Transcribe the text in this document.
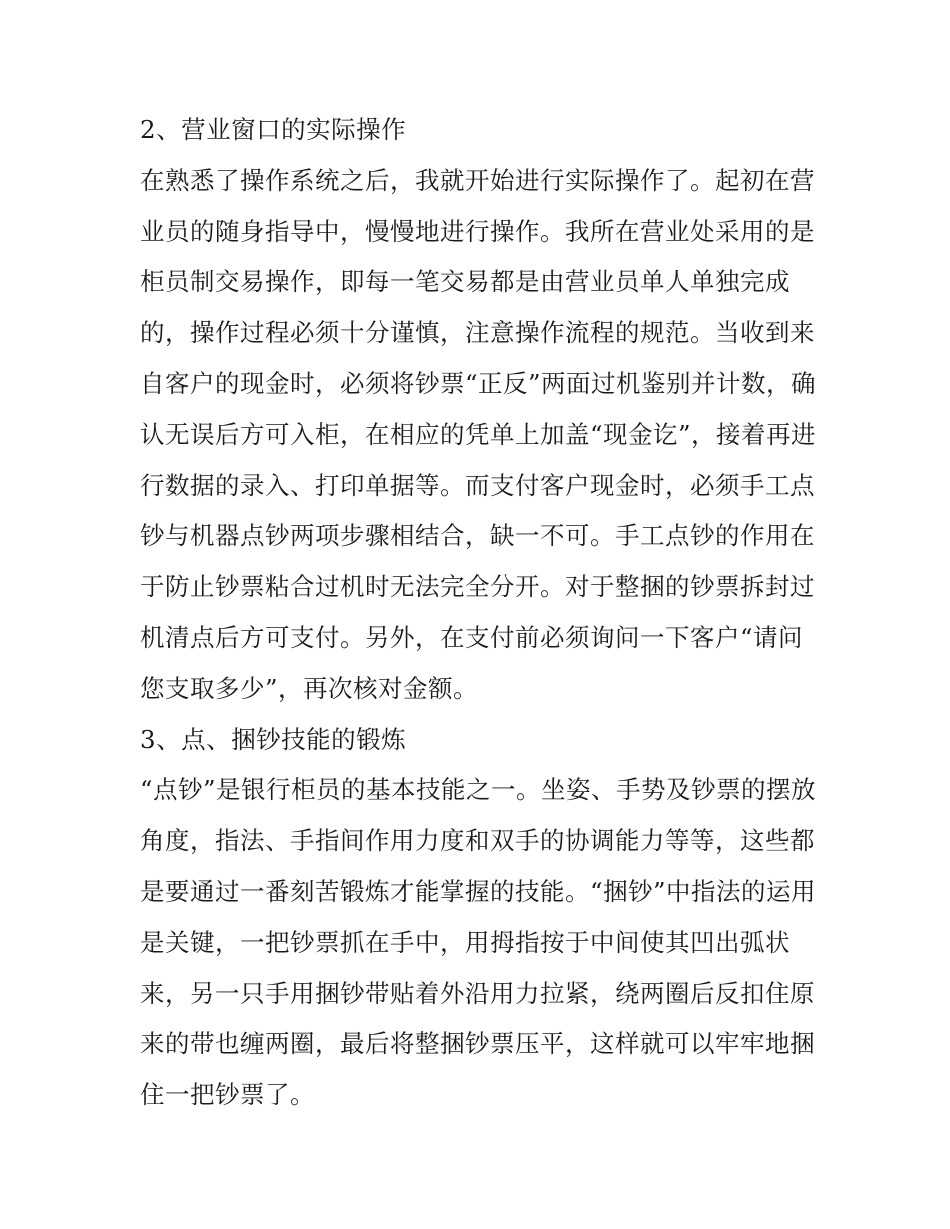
2、营业窗口的实际操作
在熟悉了操作系统之后，我就开始进行实际操作了。起初在营
业员的随身指导中，慢慢地进行操作。我所在营业处采用的是
柜员制交易操作，即每一笔交易都是由营业员单人单独完成
的，操作过程必须十分谨慎，注意操作流程的规范。当收到来
自客户的现金时，必须将钞票“正反”两面过机鉴别并计数，确
认无误后方可入柜，在相应的凭单上加盖“现金讫”，接着再进
行数据的录入、打印单据等。而支付客户现金时，必须手工点
钞与机器点钞两项步骤相结合，缺一不可。手工点钞的作用在
于防止钞票粘合过机时无法完全分开。对于整捆的钞票拆封过
机清点后方可支付。另外，在支付前必须询问一下客户“请问
您支取多少”，再次核对金额。
3、点、捆钞技能的锻炼
“点钞”是银行柜员的基本技能之一。坐姿、手势及钞票的摆放
角度，指法、手指间作用力度和双手的协调能力等等，这些都
是要通过一番刻苦锻炼才能掌握的技能。“捆钞”中指法的运用
是关键，一把钞票抓在手中，用拇指按于中间使其凹出弧状
来，另一只手用捆钞带贴着外沿用力拉紧，绕两圈后反扣住原
来的带也缠两圈，最后将整捆钞票压平，这样就可以牢牢地捆
住一把钞票了。
